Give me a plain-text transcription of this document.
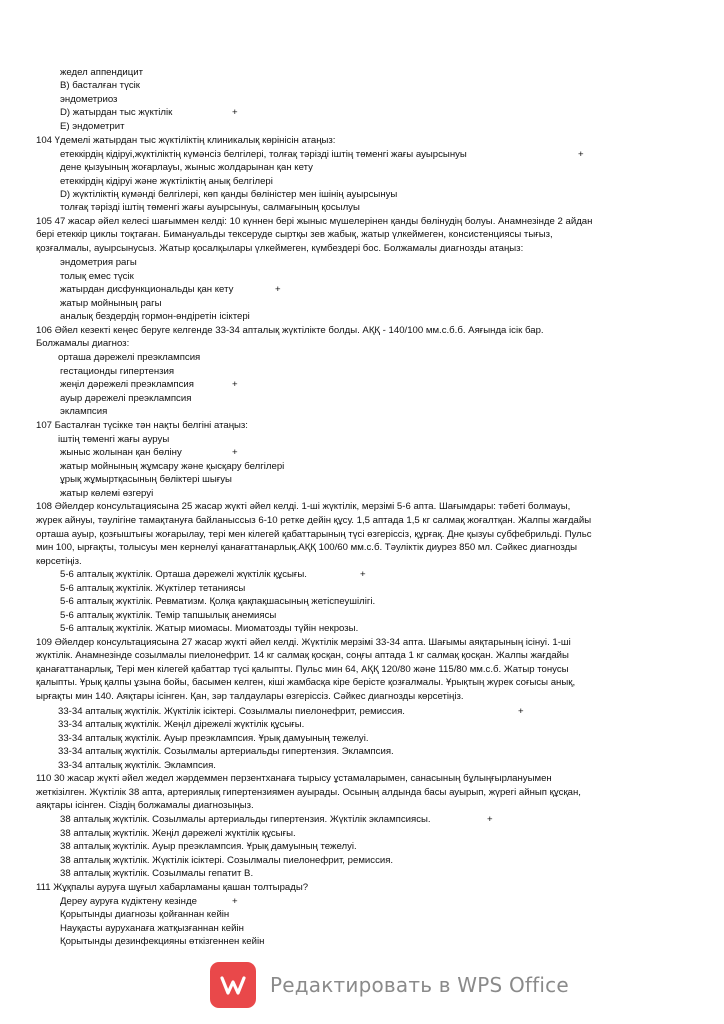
жедел аппендицит
B) басталған түсік
эндометриоз
D) жатырдан тыс жүктілік	+
E) эндометрит
104 Үдемелі жатырдан тыс жүктіліктің клиникалық көрінісін атаңыз:
етеккірдің кідіруі,жүктіліктің күмәнсіз белгілері, толғақ тәрізді іштің төменгі жағы ауырсынуы	+
дене қызуының жоғарлауы, жыныс жолдарынан қан кету
етеккірдің кідіруі және жүктіліктің анық белгілері
D) жүктіліктің күмәнді белгілері, көп қанды бөліністер мен ішінің ауырсынуы
толғақ тәрізді іштің төменгі жағы ауырсынуы, салмағының қосылуы
105 47 жасар әйел келесі шағыммен келді: 10 күннен бері жыныс мүшелерінен қанды бөлінудің болуы. Анамнезінде 2 айдан
бері етеккір циклы тоқтаған. Бимануальды тексеруде сыртқы зев жабық, жатыр үлкеймеген, консистенциясы тығыз,
қозғалмалы, ауырсынусыз. Жатыр қосалқылары үлкеймеген, күмбездері бос. Болжамалы диагнозды атаңыз:
эндометрия рагы
толық емес түсік
жатырдан дисфункциональды қан кету	+
жатыр мойнының рагы
аналық бездердің гормон-өндіретін ісіктері
106 Әйел кезекті кеңес беруге келгенде 33-34 апталық жүктілікте болды. АҚҚ - 140/100 мм.с.б.б. Аяғында ісік бар.
Болжамалы диагноз:
орташа дәрежелі преэклампсия
гестационды гипертензия
жеңіл дәрежелі преэклампсия	+
ауыр дәрежелі преэклампсия
эклампсия
107 Басталған түсікке тән нақты белгіні атаңыз:
іштің төменгі жағы ауруы
жыныс жолынан қан бөліну	+
жатыр мойнының жұмсару және қысқару белгілері
ұрық жұмыртқасының бөліктері шығуы
жатыр көлемі өзгеруі
108 Әйелдер консультациясына 25 жасар жүкті әйел келді. 1-ші жүктілік, мерзімі 5-6 апта. Шағымдары: тәбеті болмауы,
жүрек айнуы, тәулігіне тамақтануға байланыссыз 6-10 ретке дейін құсу. 1,5 аптада 1,5 кг салмақ жоғалтқан. Жалпы жағдайы
орташа ауыр, қозғыштығы жоғарылау, тері мен кілегей қабаттарының түсі өзгеріссіз, құрғақ. Дне қызуы субфебрильді. Пульс
мин 100, ырғақты, толысуы мен кернелуі қанағаттанарлық.АҚҚ 100/60 мм.с.б. Тәуліктік диурез 850 мл. Сәйкес диагнозды
көрсетіңіз.
5-6 апталық жүктілік. Орташа дәрежелі жүктілік құсығы.	+
5-6 апталық жүктілік. Жүктілер тетаниясы
5-6 апталық жүктілік. Ревматизм. Қолқа қақпақшасының жетіспеушілігі.
5-6 апталық жүктілік. Темір тапшылық анемиясы
5-6 апталық жүктілік. Жатыр миомасы. Миоматозды түйін некрозы.
109 Әйелдер консультациясына 27 жасар жүкті әйел келді. Жүктілік мерзімі 33-34 апта. Шағымы аяқтарының ісінуі. 1-ші
жүктілік. Анамнезінде созылмалы пиелонефрит. 14 кг салмақ қосқан, соңғы аптада 1 кг салмақ қосқан. Жалпы жағдайы
қанағаттанарлық, Тері мен кілегей қабаттар түсі қалыпты. Пульс мин 64, АҚҚ 120/80 және 115/80 мм.с.б. Жатыр тонусы
қалыпты. Ұрық қалпы ұзына бойы, басымен келген, кіші жамбасқа кіре берісте қозғалмалы. Ұрықтың жүрек соғысы анық,
ырғақты мин 140. Аяқтары ісінген. Қан, зәр талдаулары өзгеріссіз. Сәйкес диагнозды көрсетіңіз.
33-34 апталық жүктілік. Жүктілік ісіктері. Созылмалы пиелонефрит, ремиссия.	+
33-34 апталық жүктілік. Жеңіл дірежелі жүктілік құсығы.
33-34 апталық жүктілік. Ауыр преэклампсия. Ұрық дамуының тежелуі.
33-34 апталық жүктілік. Созылмалы артериальды гипертензия. Эклампсия.
33-34 апталық жүктілік. Эклампсия.
110 30 жасар жүкті әйел жедел жәрдеммен перзентханаға тырысу ұстамаларымен, санасының бұлыңғырлануымен
жеткізілген. Жүктілік 38 апта, артериялық гипертензиямен ауырады. Осының алдында басы ауырып, жүрегі айнып құсқан,
аяқтары ісінген. Сіздің болжамалы диагнозыңыз.
38 апталық жүктілік. Созылмалы артериальды гипертензия. Жүктілік эклампсиясы.	+
38 апталық жүктілік. Жеңіл дәрежелі жүктілік құсығы.
38 апталық жүктілік. Ауыр преэклампсия. Ұрық дамуының тежелуі.
38 апталық жүктілік. Жүктілік ісіктері. Созылмалы пиелонефрит, ремиссия.
38 апталық жүктілік. Созылмалы гепатит В.
111 Жұқпалы ауруға шұғыл хабарламаны қашан толтырады?
Дереу ауруға күдіктену кезінде	+
Қорытынды диагнозы қойғаннан кейін
Науқасты ауруханаға жатқызғаннан кейін
Қорытынды дезинфекцияны өткізгеннен кейін
Редактировать в WPS Office
